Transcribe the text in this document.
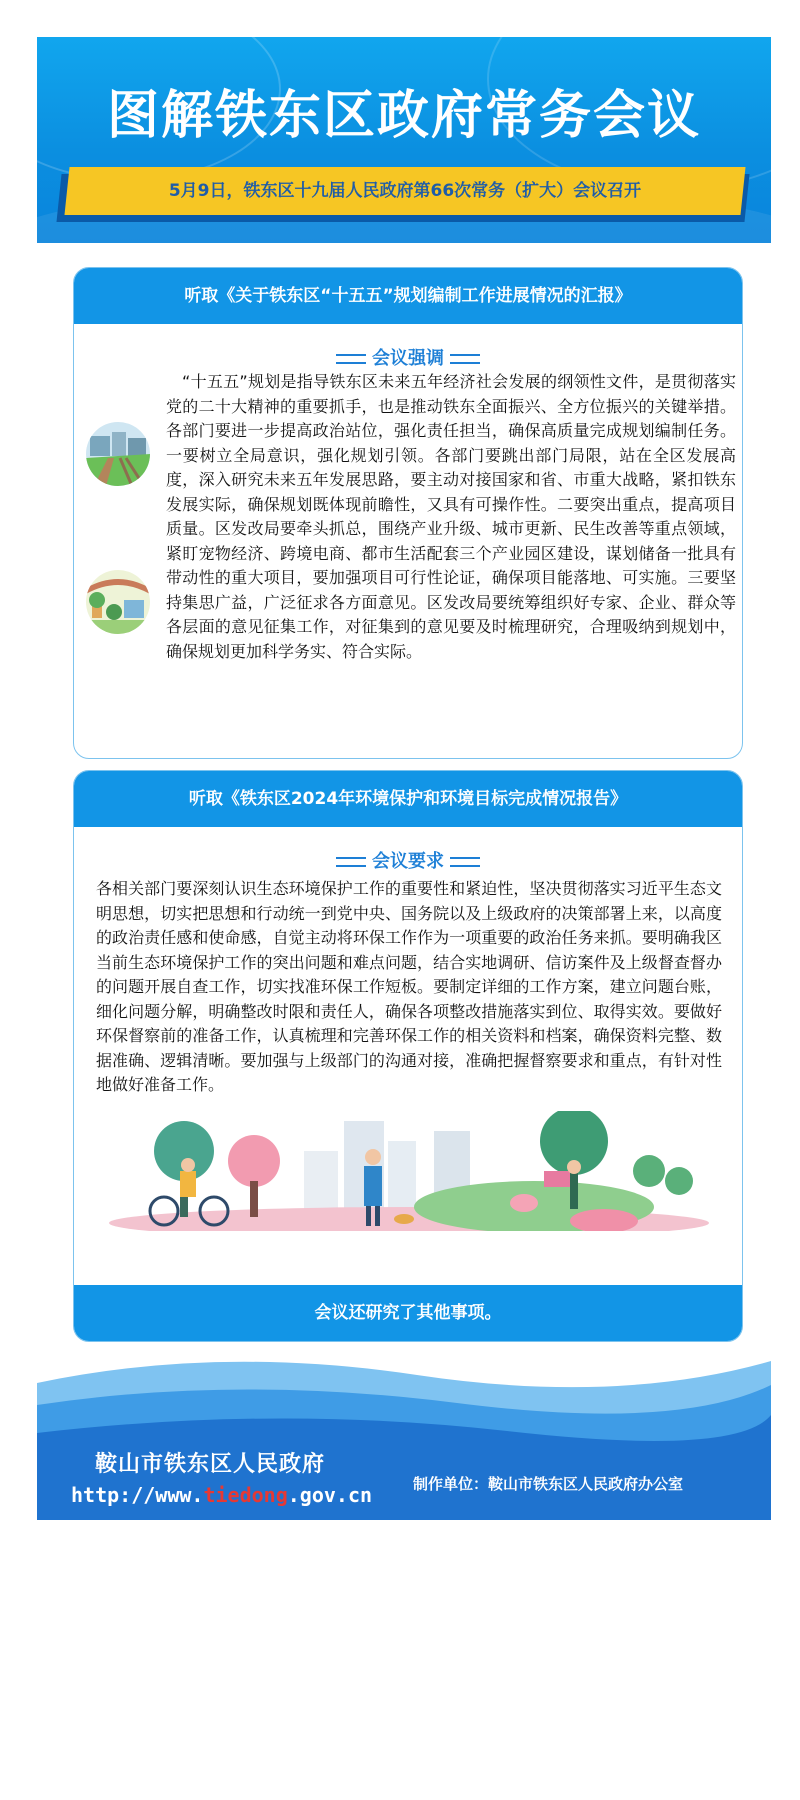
图解铁东区政府常务会议
5月9日，铁东区十九届人民政府第66次常务（扩大）会议召开
听取《关于铁东区“十五五”规划编制工作进展情况的汇报》
会议强调
“十五五”规划是指导铁东区未来五年经济社会发展的纲领性文件，是贯彻落实党的二十大精神的重要抓手，也是推动铁东全面振兴、全方位振兴的关键举措。各部门要进一步提高政治站位，强化责任担当，确保高质量完成规划编制任务。一要树立全局意识，强化规划引领。各部门要跳出部门局限，站在全区发展高度，深入研究未来五年发展思路，要主动对接国家和省、市重大战略，紧扣铁东发展实际，确保规划既体现前瞻性，又具有可操作性。二要突出重点，提高项目质量。区发改局要牵头抓总，围绕产业升级、城市更新、民生改善等重点领域，紧盯宠物经济、跨境电商、都市生活配套三个产业园区建设，谋划储备一批具有带动性的重大项目，要加强项目可行性论证，确保项目能落地、可实施。三要坚持集思广益，广泛征求各方面意见。区发改局要统筹组织好专家、企业、群众等各层面的意见征集工作，对征集到的意见要及时梳理研究，合理吸纳到规划中，确保规划更加科学务实、符合实际。
听取《铁东区2024年环境保护和环境目标完成情况报告》
会议要求
各相关部门要深刻认识生态环境保护工作的重要性和紧迫性，坚决贯彻落实习近平生态文明思想，切实把思想和行动统一到党中央、国务院以及上级政府的决策部署上来，以高度的政治责任感和使命感，自觉主动将环保工作作为一项重要的政治任务来抓。要明确我区当前生态环境保护工作的突出问题和难点问题，结合实地调研、信访案件及上级督查督办的问题开展自查工作，切实找准环保工作短板。要制定详细的工作方案，建立问题台账，细化问题分解，明确整改时限和责任人，确保各项整改措施落实到位、取得实效。要做好环保督察前的准备工作，认真梳理和完善环保工作的相关资料和档案，确保资料完整、数据准确、逻辑清晰。要加强与上级部门的沟通对接，准确把握督察要求和重点，有针对性地做好准备工作。
会议还研究了其他事项。
鞍山市铁东区人民政府
http://www.tiedong.gov.cn	制作单位：鞍山市铁东区人民政府办公室
